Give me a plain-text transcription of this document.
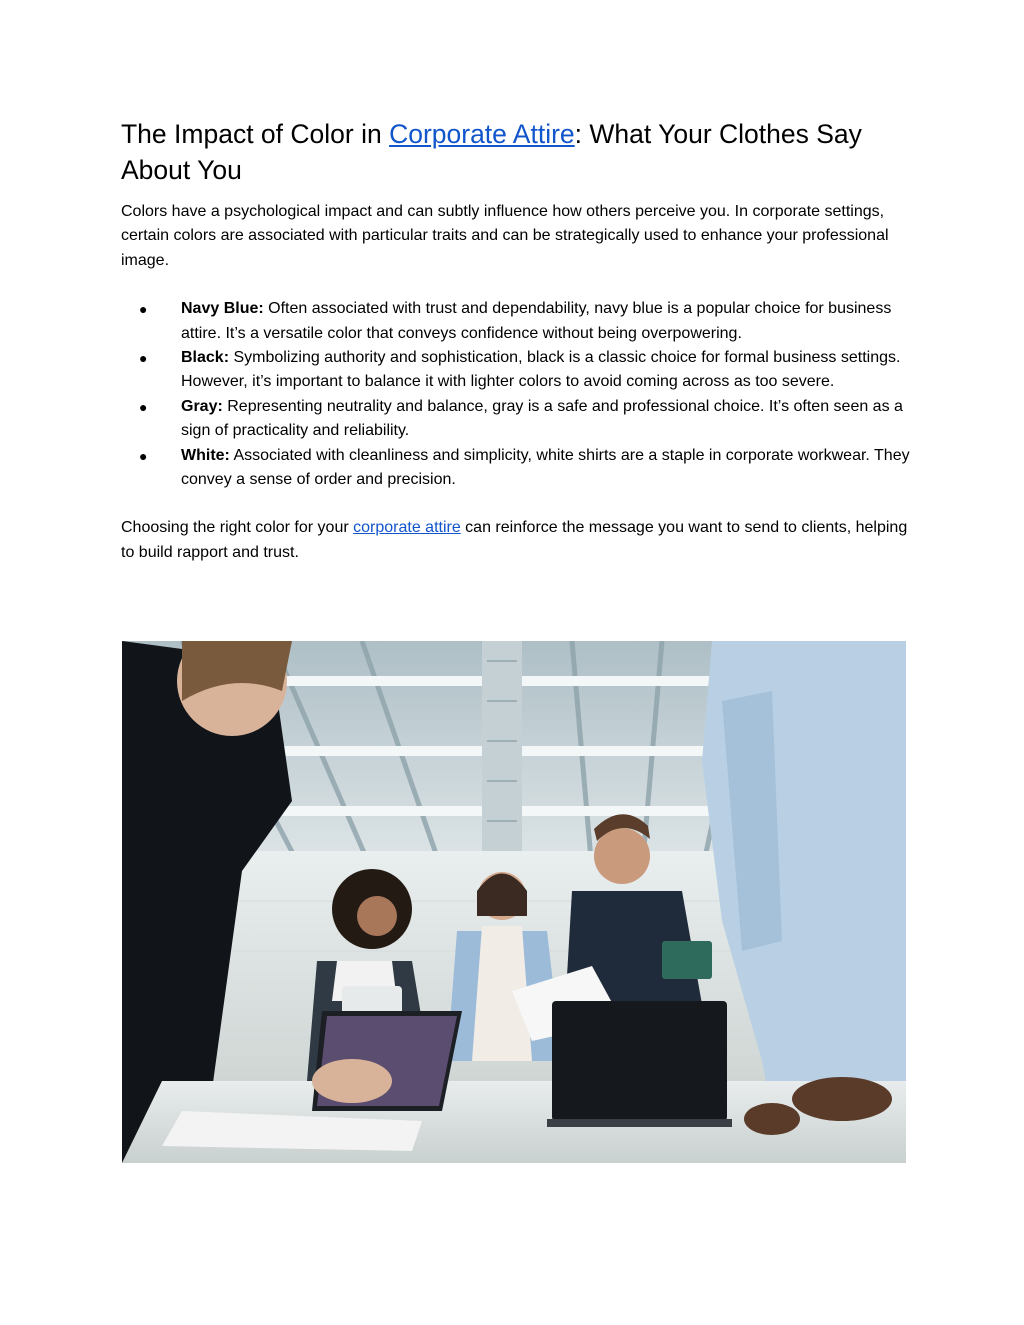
The Impact of Color in Corporate Attire: What Your Clothes Say About You

Colors have a psychological impact and can subtly influence how others perceive you. In corporate settings, certain colors are associated with particular traits and can be strategically used to enhance your professional image.

● Navy Blue: Often associated with trust and dependability, navy blue is a popular choice for business attire. It’s a versatile color that conveys confidence without being overpowering.
● Black: Symbolizing authority and sophistication, black is a classic choice for formal business settings. However, it’s important to balance it with lighter colors to avoid coming across as too severe.
● Gray: Representing neutrality and balance, gray is a safe and professional choice. It’s often seen as a sign of practicality and reliability.
● White: Associated with cleanliness and simplicity, white shirts are a staple in corporate workwear. They convey a sense of order and precision.

Choosing the right color for your corporate attire can reinforce the message you want to send to clients, helping to build rapport and trust.
